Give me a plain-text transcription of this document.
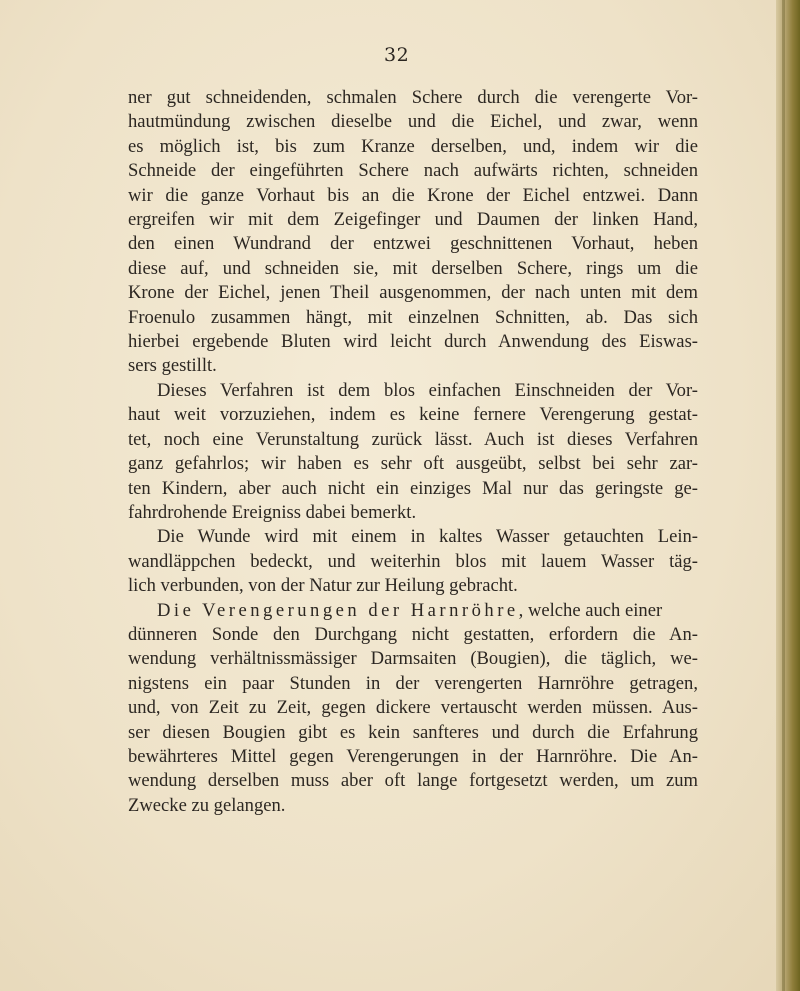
32
ner gut schneidenden, schmalen Schere durch die verengerte Vor-
hautmündung zwischen dieselbe und die Eichel, und zwar, wenn
es möglich ist, bis zum Kranze derselben, und, indem wir die
Schneide der eingeführten Schere nach aufwärts richten, schneiden
wir die ganze Vorhaut bis an die Krone der Eichel entzwei. Dann
ergreifen wir mit dem Zeigefinger und Daumen der linken Hand,
den einen Wundrand der entzwei geschnittenen Vorhaut, heben
diese auf, und schneiden sie, mit derselben Schere, rings um die
Krone der Eichel, jenen Theil ausgenommen, der nach unten mit dem
Froenulo zusammen hängt, mit einzelnen Schnitten, ab. Das sich
hierbei ergebende Bluten wird leicht durch Anwendung des Eiswas-
sers gestillt.
Dieses Verfahren ist dem blos einfachen Einschneiden der Vor-
haut weit vorzuziehen, indem es keine fernere Verengerung gestat-
tet, noch eine Verunstaltung zurück lässt. Auch ist dieses Verfahren
ganz gefahrlos; wir haben es sehr oft ausgeübt, selbst bei sehr zar-
ten Kindern, aber auch nicht ein einziges Mal nur das geringste ge-
fahrdrohende Ereigniss dabei bemerkt.
Die Wunde wird mit einem in kaltes Wasser getauchten Lein-
wandläppchen bedeckt, und weiterhin blos mit lauem Wasser täg-
lich verbunden, von der Natur zur Heilung gebracht.
Die Verengerungen der Harnröhre, welche auch einer
dünneren Sonde den Durchgang nicht gestatten, erfordern die An-
wendung verhältnissmässiger Darmsaiten (Bougien), die täglich, we-
nigstens ein paar Stunden in der verengerten Harnröhre getragen,
und, von Zeit zu Zeit, gegen dickere vertauscht werden müssen. Aus-
ser diesen Bougien gibt es kein sanfteres und durch die Erfahrung
bewährteres Mittel gegen Verengerungen in der Harnröhre. Die An-
wendung derselben muss aber oft lange fortgesetzt werden, um zum
Zwecke zu gelangen.
